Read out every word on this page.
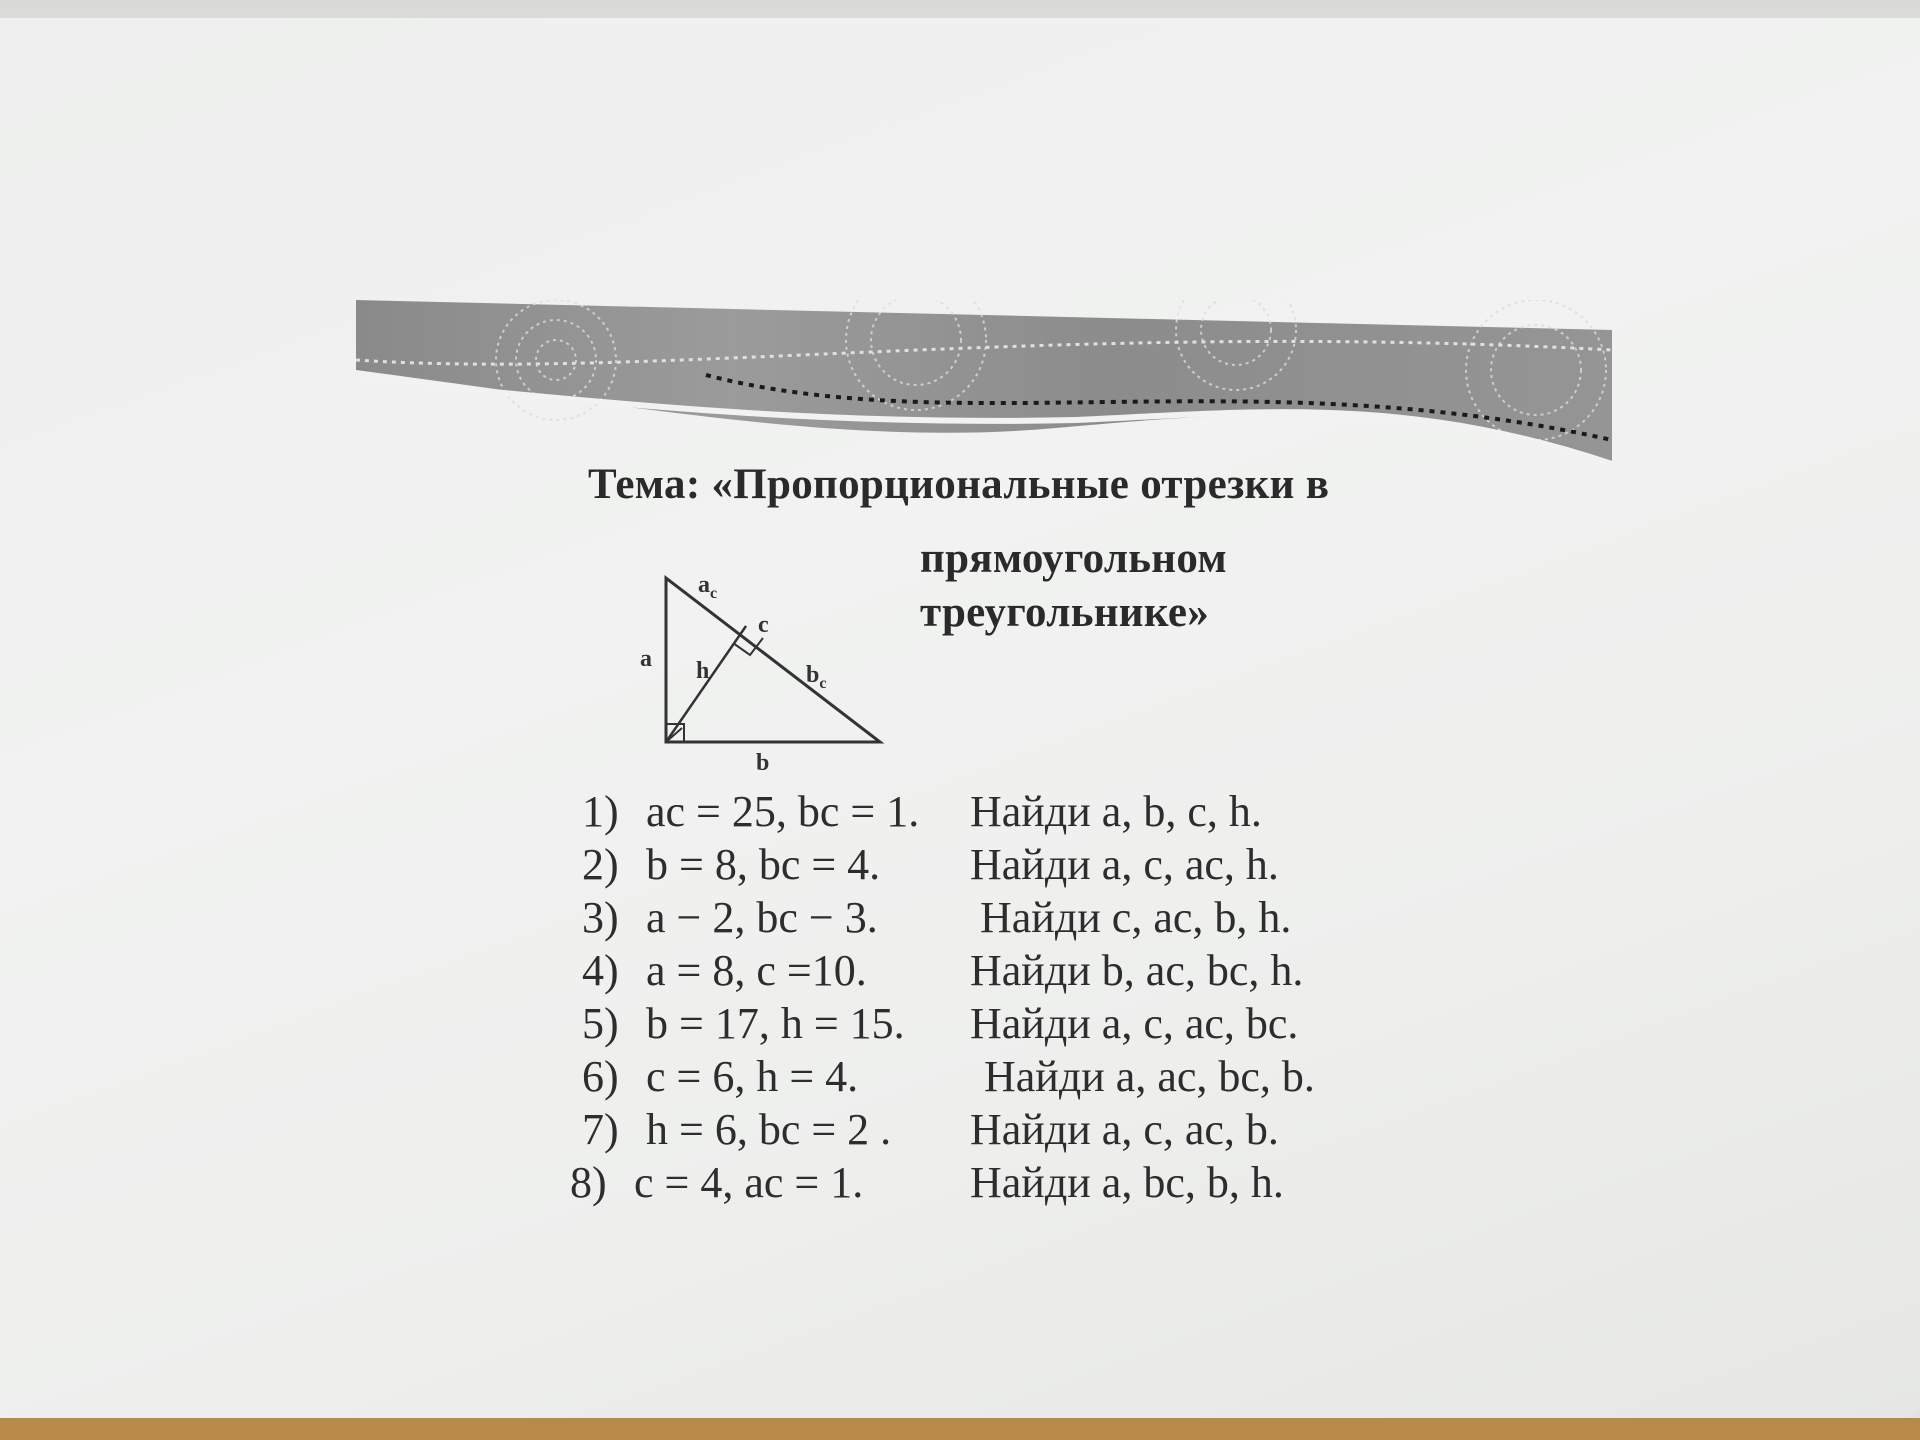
Тема: «Пропорциональные отрезки в
прямоугольном
треугольнике»
$a_c$
c
a h	$b_c$
b
1) aс = 25, bс = 1. Найди a, b, c, h.
2) b = 8, bс = 4. Найди a, c, aс, h.
3) a − 2, bс − 3. Найди c, aс, b, h.
4) a = 8, c =10. Найди b, aс, bс, h.
5) b = 17, h = 15. Найди a, c, aс, bс.
6) c = 6, h = 4.	Найди a, aс, bс, b.
7) h = 6, bс = 2 . Найди a, c, aс, b.
8) c = 4, aс = 1. Найди a, bс, b, h.
